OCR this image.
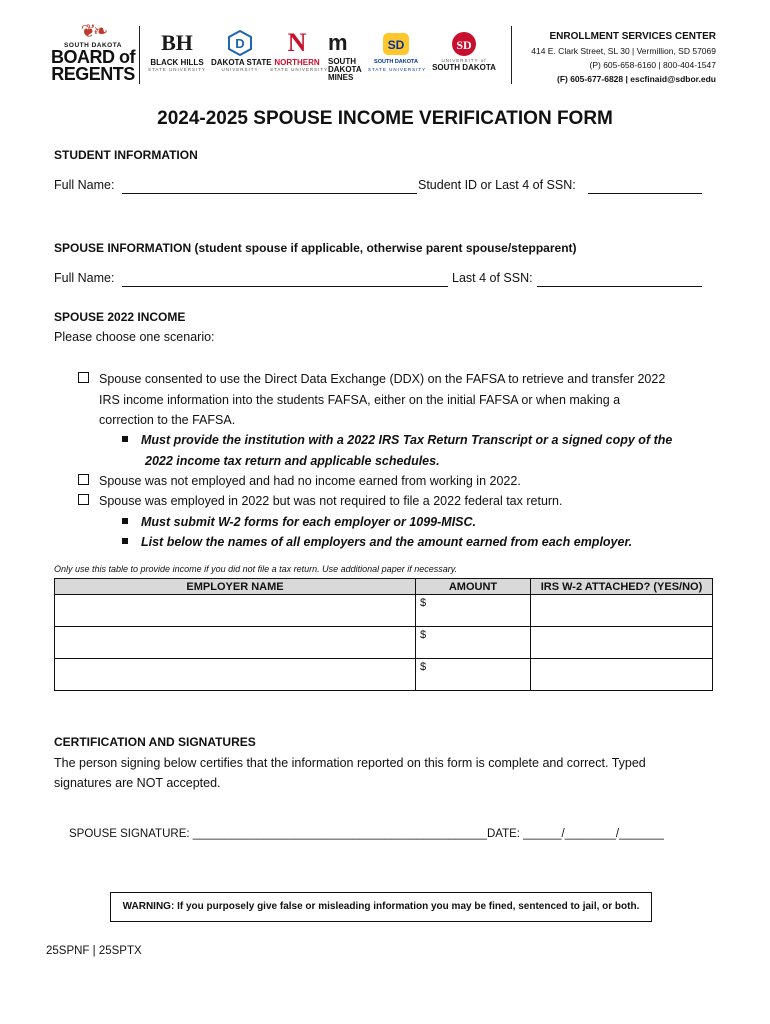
❦❧
SOUTH DAKOTA
BOARD of
REGENTS
BH
BLACK HILLS
STATE UNIVERSITY
D
DAKOTA STATE
UNIVERSITY
N
NORTHERN
STATE UNIVERSITY
m
SOUTH DAKOTA MINES
SD
SOUTH DAKOTA
STATE UNIVERSITY
SD
UNIVERSITY of
SOUTH DAKOTA
ENROLLMENT SERVICES CENTER
414 E. Clark Street, SL 30 | Vermillion, SD 57069
(P) 605-658-6160 | 800-404-1547
(F) 605-677-6828 | escfinaid@sdbor.edu
2024-2025 SPOUSE INCOME VERIFICATION FORM
STUDENT INFORMATION
Full Name:	Student ID or Last 4 of SSN:
SPOUSE INFORMATION (student spouse if applicable, otherwise parent spouse/stepparent)
Full Name:	Last 4 of SSN:
SPOUSE 2022 INCOME
Please choose one scenario:
Spouse consented to use the Direct Data Exchange (DDX) on the FAFSA to retrieve and transfer 2022
IRS income information into the students FAFSA, either on the initial FAFSA or when making a
correction to the FAFSA.
Must provide the institution with a 2022 IRS Tax Return Transcript or a signed copy of the
2022 income tax return and applicable schedules.
Spouse was not employed and had no income earned from working in 2022.
Spouse was employed in 2022 but was not required to file a 2022 federal tax return.
Must submit W-2 forms for each employer or 1099-MISC.
List below the names of all employers and the amount earned from each employer.
Only use this table to provide income if you did not file a tax return. Use additional paper if necessary.
EMPLOYER NAME	AMOUNT	IRS W-2 ATTACHED? (YES/NO)
	$	
	$	
	$	
CERTIFICATION AND SIGNATURES
The person signing below certifies that the information reported on this form is complete and correct. Typed
signatures are NOT accepted.
SPOUSE SIGNATURE: ______________________________________________DATE: ______/________/_______
WARNING: If you purposely give false or misleading information you may be fined, sentenced to jail, or both.
25SPNF | 25SPTX
